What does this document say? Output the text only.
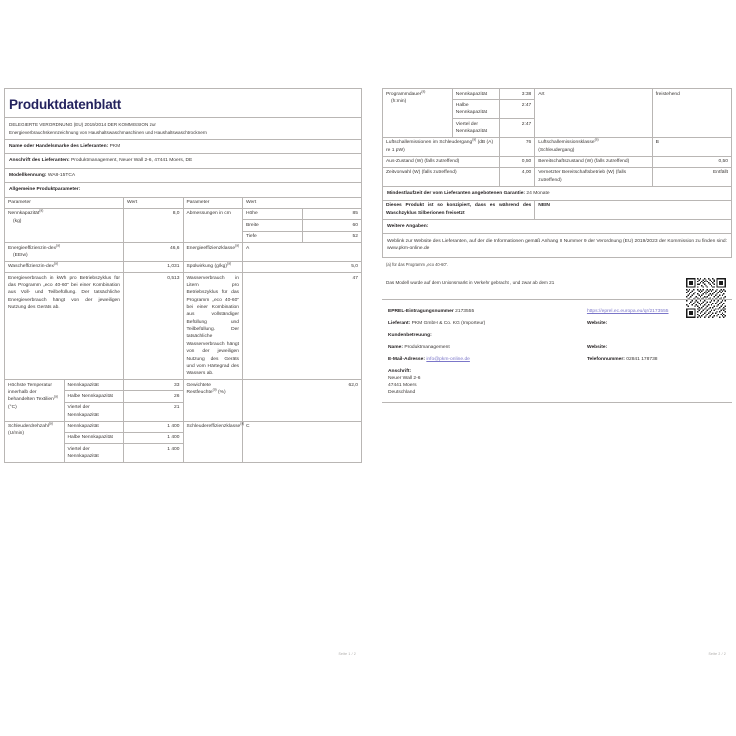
Produktdatenblatt

DELEGIERTE VERORDNUNG (EU) 2019/2014 DER KOMMISSION zur
Energieverbrauchskennzeichnung von Haushaltswaschmaschinen und Haushaltswaschtrocknern					

Name oder Handelsmarke des Lieferanten: PKM					
Anschrift des Lieferanten: Produktmanagement, Neuer Wall 2-6, 47441 Moers, DE					
Modellkennung: WA8-15TCA					
Allgemeine Produktparameter:					
Parameter		Wert	Parameter	Wert	
Nennkapazität$^{(a)}$
(kg)		8,0	Abmessungen in cm	Höhe	85
				Breite	60
				Tiefe	52
Energieeffizienzin-dex$^{(a)}$
(EEIᴡ)		46,6	Energieeffizienzklasse$^{(a)}$	A	
Wascheffizienzin-dex$^{(a)}$		1,031	Spülwirkung $(g/kg)^{(a)}$	5,0	
Energieverbrauch in kWh pro Betriebszyklus für das Programm „eco 40-60“ bei einer Kombination aus Voll- und Teilbefüllung. Der tatsächliche Energieverbrauch hängt von der jeweiligen Nutzung des Geräts ab.	0,513	Wasserverbrauch in Litern pro Betriebszyklus für das Programm „eco 40-60“ bei einer Kombination aus vollständiger Befüllung und Teilbefüllung. Der tatsächliche Wasserverbrauch hängt von der jeweiligen Nutzung des Geräts und vom Härtegrad des Wassers ab.	47
Höchste Temperatur innerhalb der behandelten Textilien$^{(a)}$ (°C)	Nennkapazität	33	Gewichtete Restfeuchte$^{(a)}$ (%)	62,0	
	Halbe Nennkapazität	26			
	Viertel der Nennkapazität	21			
Schleuderdrehzahl$^{(a)}$ (U/min)	Nennkapazität	1 400	Schleudereffizienzklasse$^{(a)}$	C	
	Halbe Nennkapazität	1 400			
	Viertel der Nennkapazität	1 400			
Seite 1 / 2
Programmdauer$^{(a)}$
(h:min)	Nennkapazität	3:38	Art	freistehend
	Halbe Nennkapazität	2:47		
	Viertel der Nennkapazität	2:47		
Luftschallemissionen im Schleudergang$^{(a)}$ (dB (A) re 1 pW)		76	Luftschallemissionsklasse$^{(a)}$
(Schleudergang)	B
Aus-Zustand (W) (falls zutreffend)		0,50	Bereitschaftszustand (W) (falls zutreffend)	0,50
Zeitvorwahl (W) (falls zutreffend)		4,00	Vernetzter Bereitschaftsbetrieb (W) (falls zutreffend)	Entfällt
Mindestlaufzeit der vom Lieferanten angebotenen Garantie: 24 Monate				
Dieses Produkt ist so konzipiert, dass es während des Waschzyklus Silberionen freisetzt			NEIN	
Weitere Angaben:				
Weblink zur Website des Lieferanten, auf der die Informationen gemäß Anhang II Nummer 9 der Verordnung (EU) 2019/2023 der Kommission zu finden sind: www.pkm-online.de				
(a) für das Programm „eco 40-60“.
Das Modell wurde auf dem Unionsmarkt in Verkehr gebracht , und zwar ab dem 21
EPREL-Eintragungsnummer 2173555	https://eprel.ec.europa.eu/qr/2173555
Lieferant: PKM GmbH & Co. KG (Importeur)	Website:
Kundenbetreuung:	
Name: Produktmanagement	Website:
E-Mail-Adresse: info@pkm-online.de	Telefonnummer: 02841 178738

Anschrift:
Neuer Wall 2-6
47441 Moers
Deutschland	

Seite 2 / 2
